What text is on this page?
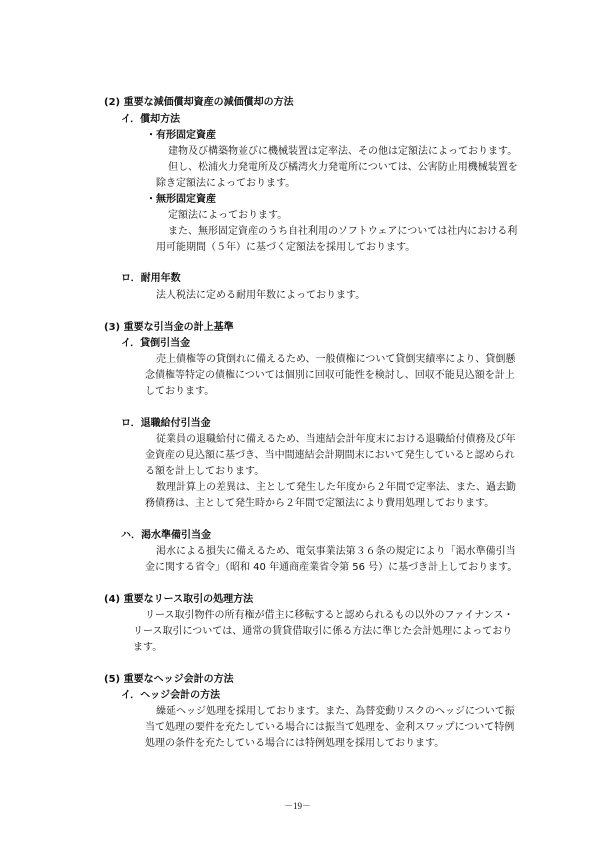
(2) 重要な減価償却資産の減価償却の方法
イ．償却方法
・有形固定資産
建物及び構築物並びに機械装置は定率法、その他は定額法によっております。
但し、松浦火力発電所及び橘湾火力発電所については、公害防止用機械装置を
除き定額法によっております。
・無形固定資産
定額法によっております。
また、無形固定資産のうち自社利用のソフトウェアについては社内における利
用可能期間（５年）に基づく定額法を採用しております。
ロ．耐用年数
法人税法に定める耐用年数によっております。
(3) 重要な引当金の計上基準
イ．貸倒引当金
売上債権等の貸倒れに備えるため、一般債権について貸倒実績率により、貸倒懸
念債権等特定の債権については個別に回収可能性を検討し、回収不能見込額を計上
しております。
ロ．退職給付引当金
従業員の退職給付に備えるため、当連結会計年度末における退職給付債務及び年
金資産の見込額に基づき、当中間連結会計期間末において発生していると認められ
る額を計上しております。
数理計算上の差異は、主として発生した年度から２年間で定率法、また、過去勤
務債務は、主として発生時から２年間で定額法により費用処理しております。
ハ．渇水準備引当金
渇水による損失に備えるため、電気事業法第３６条の規定により「渇水準備引当
金に関する省令」（昭和 40 年通商産業省令第 56 号）に基づき計上しております。
(4) 重要なリース取引の処理方法
リース取引物件の所有権が借主に移転すると認められるもの以外のファイナンス・
リース取引については、通常の賃貸借取引に係る方法に準じた会計処理によっており
ます。
(5) 重要なヘッジ会計の方法
イ．ヘッジ会計の方法
繰延ヘッジ処理を採用しております。また、為替変動リスクのヘッジについて振
当て処理の要件を充たしている場合には振当て処理を、金利スワップについて特例
処理の条件を充たしている場合には特例処理を採用しております。
－19－
